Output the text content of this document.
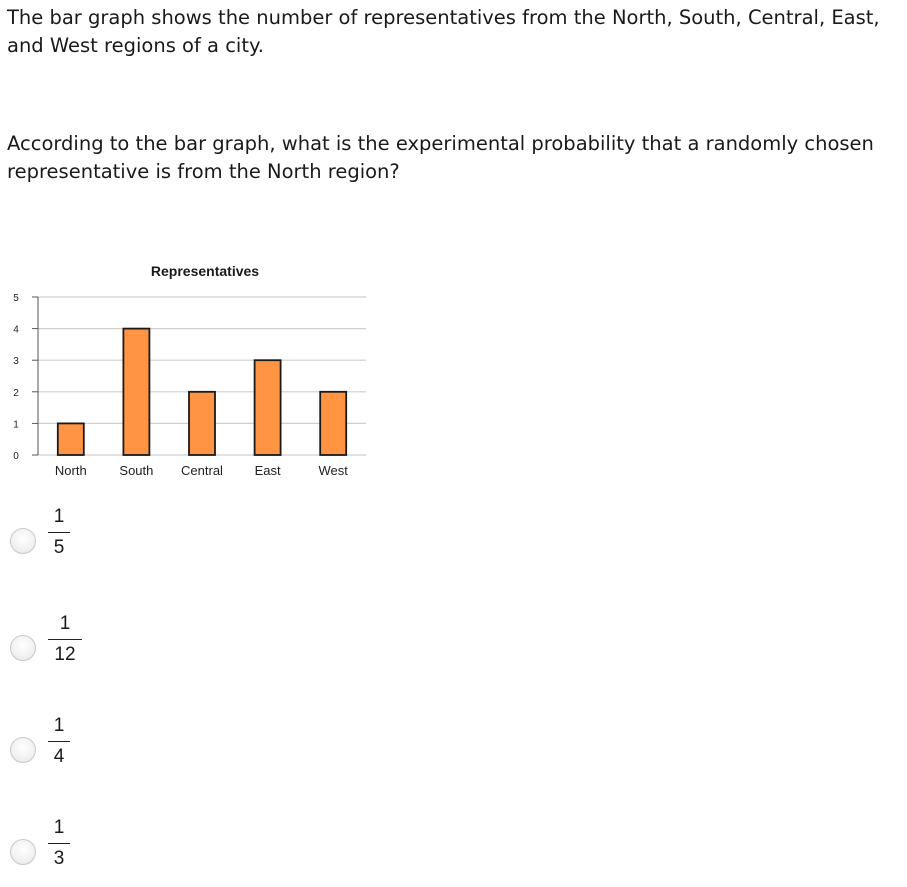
The bar graph shows the number of representatives from the North, South, Central, East, and West regions of a city.

According to the bar graph, what is the experimental probability that a randomly chosen representative is from the North region?

Representatives
0
1
2
3
4
5
North	South Central East	West
1
5
1
12
1
4
1
3
